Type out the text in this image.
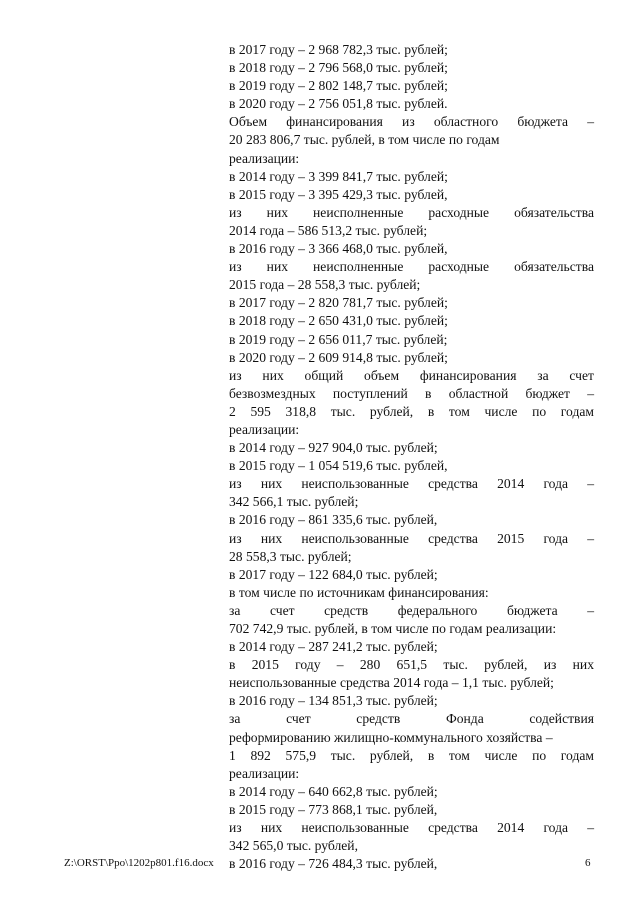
в 2017 году – 2 968 782,3 тыс. рублей;
в 2018 году – 2 796 568,0 тыс. рублей;
в 2019 году – 2 802 148,7 тыс. рублей;
в 2020 году – 2 756 051,8 тыс. рублей.
Объем финансирования из областного бюджета –
20 283 806,7 тыс. рублей, в том числе по годам
реализации:
в 2014 году – 3 399 841,7 тыс. рублей;
в 2015 году – 3 395 429,3 тыс. рублей,
из них неисполненные расходные обязательства
2014 года – 586 513,2 тыс. рублей;
в 2016 году – 3 366 468,0 тыс. рублей,
из них неисполненные расходные обязательства
2015 года – 28 558,3 тыс. рублей;
в 2017 году – 2 820 781,7 тыс. рублей;
в 2018 году – 2 650 431,0 тыс. рублей;
в 2019 году – 2 656 011,7 тыс. рублей;
в 2020 году – 2 609 914,8 тыс. рублей;
из них общий объем финансирования за счет
безвозмездных поступлений в областной бюджет –
2 595 318,8 тыс. рублей, в том числе по годам
реализации:
в 2014 году – 927 904,0 тыс. рублей;
в 2015 году – 1 054 519,6 тыс. рублей,
из них неиспользованные средства 2014 года –
342 566,1 тыс. рублей;
в 2016 году – 861 335,6 тыс. рублей,
из них неиспользованные средства 2015 года –
28 558,3 тыс. рублей;
в 2017 году – 122 684,0 тыс. рублей;
в том числе по источникам финансирования:
за счет средств федерального бюджета –
702 742,9 тыс. рублей, в том числе по годам реализации:
в 2014 году – 287 241,2 тыс. рублей;
в 2015 году – 280 651,5 тыс. рублей, из них
неиспользованные средства 2014 года – 1,1 тыс. рублей;
в 2016 году – 134 851,3 тыс. рублей;
за счет средств Фонда содействия
реформированию жилищно-коммунального хозяйства –
1 892 575,9 тыс. рублей, в том числе по годам
реализации:
в 2014 году – 640 662,8 тыс. рублей;
в 2015 году – 773 868,1 тыс. рублей,
из них неиспользованные средства 2014 года –
342 565,0 тыс. рублей,
в 2016 году – 726 484,3 тыс. рублей,
Z:\ORST\Ppo\1202p801.f16.docx	6
